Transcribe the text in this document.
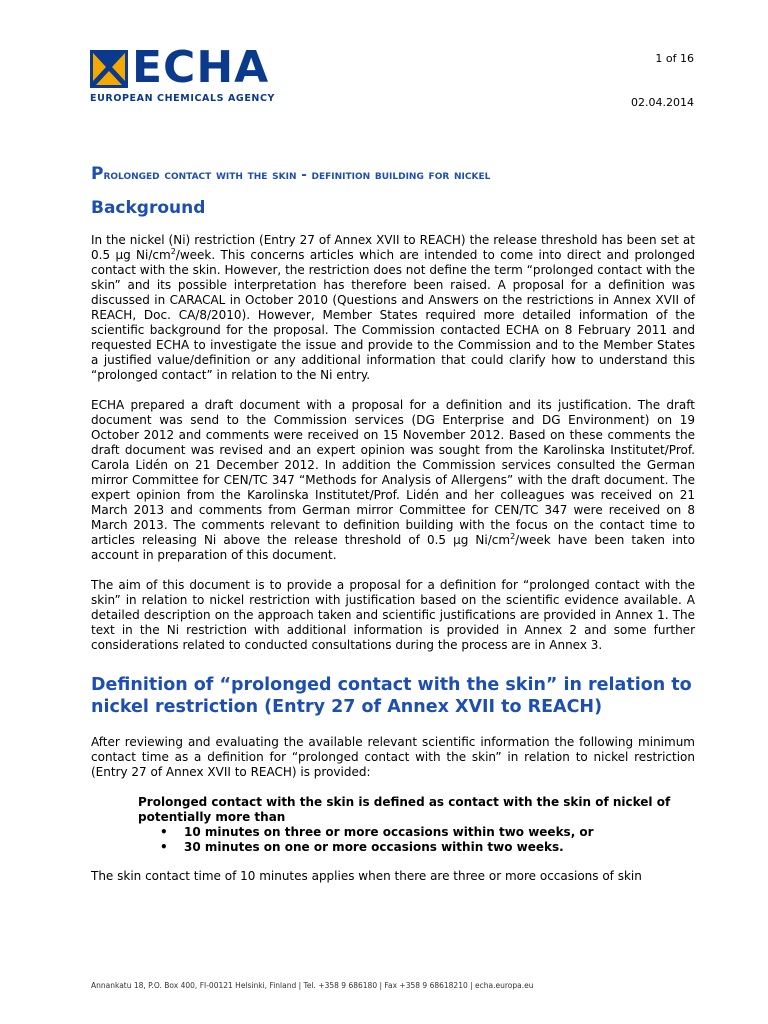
ECHA
EUROPEAN CHEMICALS AGENCY
1 of 16
02.04.2014
Prolonged contact with the skin - definition building for nickel
Background

In the nickel (Ni) restriction (Entry 27 of Annex XVII to REACH) the release threshold has been set at 0.5 µg $Ni/cm^2$/week. This concerns articles which are intended to come into direct and prolonged contact with the skin. However, the restriction does not define the term “prolonged contact with the skin” and its possible interpretation has therefore been raised. A proposal for a definition was discussed in CARACAL in October 2010 (Questions and Answers on the restrictions in Annex XVII of REACH, Doc. CA/8/2010). However, Member States required more detailed information of the scientific background for the proposal. The Commission contacted ECHA on 8 February 2011 and requested ECHA to investigate the issue and provide to the Commission and to the Member States a justified value/definition or any additional information that could clarify how to understand this “prolonged contact” in relation to the Ni entry.

ECHA prepared a draft document with a proposal for a definition and its justification. The draft document was send to the Commission services (DG Enterprise and DG Environment) on 19 October 2012 and comments were received on 15 November 2012. Based on these comments the draft document was revised and an expert opinion was sought from the Karolinska Institutet/Prof. Carola Lidén on 21 December 2012. In addition the Commission services consulted the German mirror Committee for CEN/TC 347 “Methods for Analysis of Allergens” with the draft document. The expert opinion from the Karolinska Institutet/Prof. Lidén and her colleagues was received on 21 March 2013 and comments from German mirror Committee for CEN/TC 347 were received on 8 March 2013. The comments relevant to definition building with the focus on the contact time to articles releasing Ni above the release threshold of 0.5 µg $Ni/cm^2$/week have been taken into account in preparation of this document.

The aim of this document is to provide a proposal for a definition for “prolonged contact with the skin” in relation to nickel restriction with justification based on the scientific evidence available. A detailed description on the approach taken and scientific justifications are provided in Annex 1. The text in the Ni restriction with additional information is provided in Annex 2 and some further considerations related to conducted consultations during the process are in Annex 3.

Definition of “prolonged contact with the skin” in relation to nickel restriction (Entry 27 of Annex XVII to REACH)

After reviewing and evaluating the available relevant scientific information the following minimum contact time as a definition for “prolonged contact with the skin” in relation to nickel restriction (Entry 27 of Annex XVII to REACH) is provided:

Prolonged contact with the skin is defined as contact with the skin of nickel of potentially more than
• 10 minutes on three or more occasions within two weeks, or
• 30 minutes on one or more occasions within two weeks.

The skin contact time of 10 minutes applies when there are three or more occasions of skin

Annankatu 18, P.O. Box 400, FI-00121 Helsinki, Finland | Tel. +358 9 686180 | Fax +358 9 68618210 | echa.europa.eu
